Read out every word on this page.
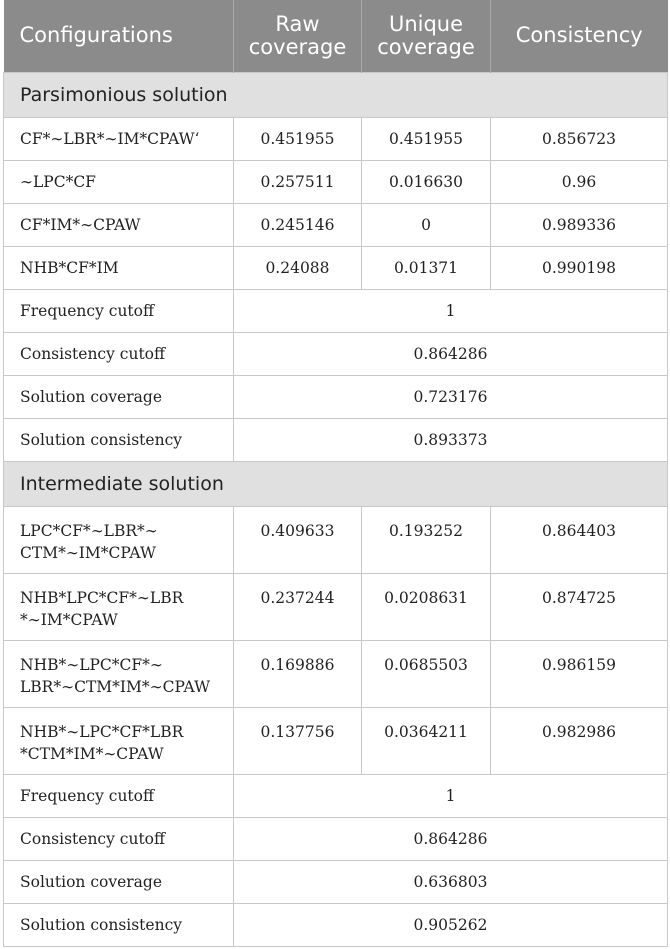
Configurations	Raw coverage	Unique coverage	Consistency
Parsimonious solution			
CF*∼LBR*∼IM*CPAW‘	0.451955	0.451955	0.856723
∼LPC*CF	0.257511	0.016630	0.96
CF*IM*∼CPAW	0.245146	0	0.989336
NHB*CF*IM	0.24088	0.01371	0.990198
Frequency cutoff	1		
Consistency cutoff	0.864286		
Solution coverage	0.723176		
Solution consistency	0.893373		
Intermediate solution			
LPC*CF*∼LBR*∼
CTM*∼IM*CPAW	0.409633	0.193252	0.864403
NHB*LPC*CF*∼LBR
*∼IM*CPAW	0.237244	0.0208631	0.874725
NHB*∼LPC*CF*∼
LBR*∼CTM*IM*∼CPAW	0.169886	0.0685503	0.986159
NHB*∼LPC*CF*LBR
*CTM*IM*∼CPAW	0.137756	0.0364211	0.982986
Frequency cutoff	1		
Consistency cutoff	0.864286		
Solution coverage	0.636803		
Solution consistency	0.905262		
